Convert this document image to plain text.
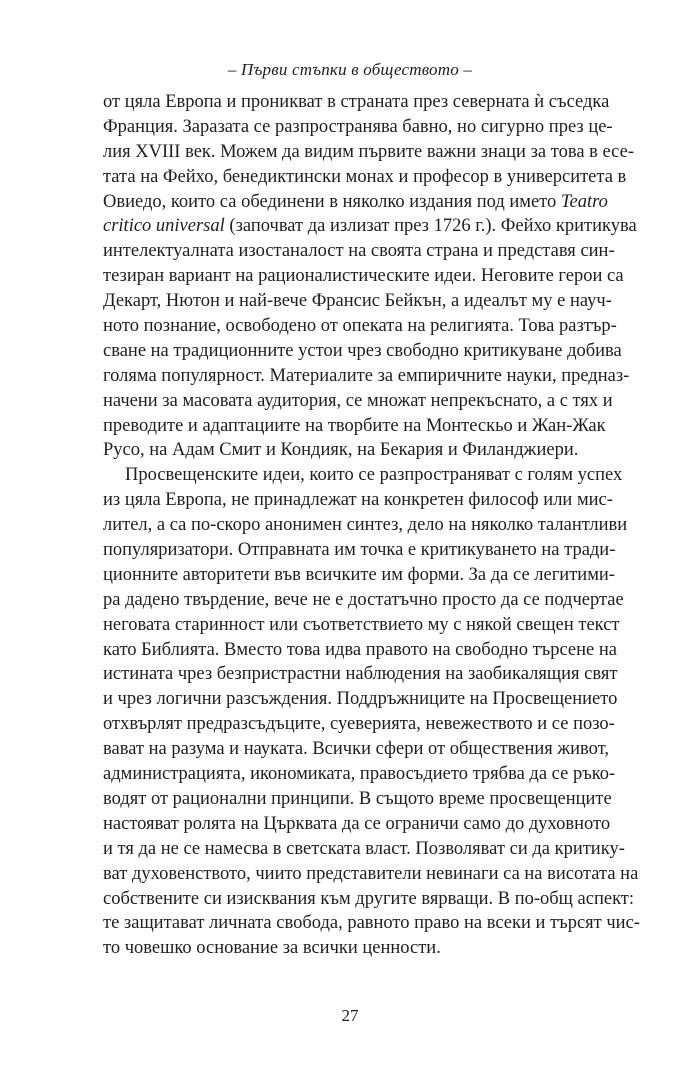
– Първи стъпки в обществото –
от цяла Европа и проникват в страната през северната ѝ съседка
Франция. Заразата се разпространява бавно, но сигурно през це-
лия XVIII век. Можем да видим първите важни знаци за това в есе-
тата на Фейхо, бенедиктински монах и професор в университета в
Овиедо, които са обединени в няколко издания под името Teatro
critico universal (започват да излизат през 1726 г.). Фейхо критикува
интелектуалната изостаналост на своята страна и представя син-
тезиран вариант на рационалистическите идеи. Неговите герои са
Декарт, Нютон и най-вече Франсис Бейкън, а идеалът му е науч-
ното познание, освободено от опеката на религията. Това разтър-
сване на традиционните устои чрез свободно критикуване добива
голяма популярност. Материалите за емпиричните науки, предназ-
начени за масовата аудитория, се множат непрекъснато, а с тях и
преводите и адаптациите на творбите на Монтескьо и Жан-Жак
Русо, на Адам Смит и Кондияк, на Бекария и Филанджиери.
Просвещенските идеи, които се разпространяват с голям успех
из цяла Европа, не принадлежат на конкретен философ или мис-
лител, а са по-скоро анонимен синтез, дело на няколко талантливи
популяризатори. Отправната им точка е критикуването на тради-
ционните авторитети във всичките им форми. За да се легитими-
ра дадено твърдение, вече не е достатъчно просто да се подчертае
неговата старинност или съответствието му с някой свещен текст
като Библията. Вместо това идва правото на свободно търсене на
истината чрез безпристрастни наблюдения на заобикалящия свят
и чрез логични разсъждения. Поддръжниците на Просвещението
отхвърлят предразсъдъците, суеверията, невежеството и се позо-
вават на разума и науката. Всички сфери от обществения живот,
администрацията, икономиката, правосъдието трябва да се ръко-
водят от рационални принципи. В същото време просвещенците
настояват ролята на Църквата да се ограничи само до духовното
и тя да не се намесва в светската власт. Позволяват си да критику-
ват духовенството, чиито представители невинаги са на висотата на
собствените си изисквания към другите вярващи. В по-общ аспект:
те защитават личната свобода, равното право на всеки и търсят чис-
то човешко основание за всички ценности.
27
